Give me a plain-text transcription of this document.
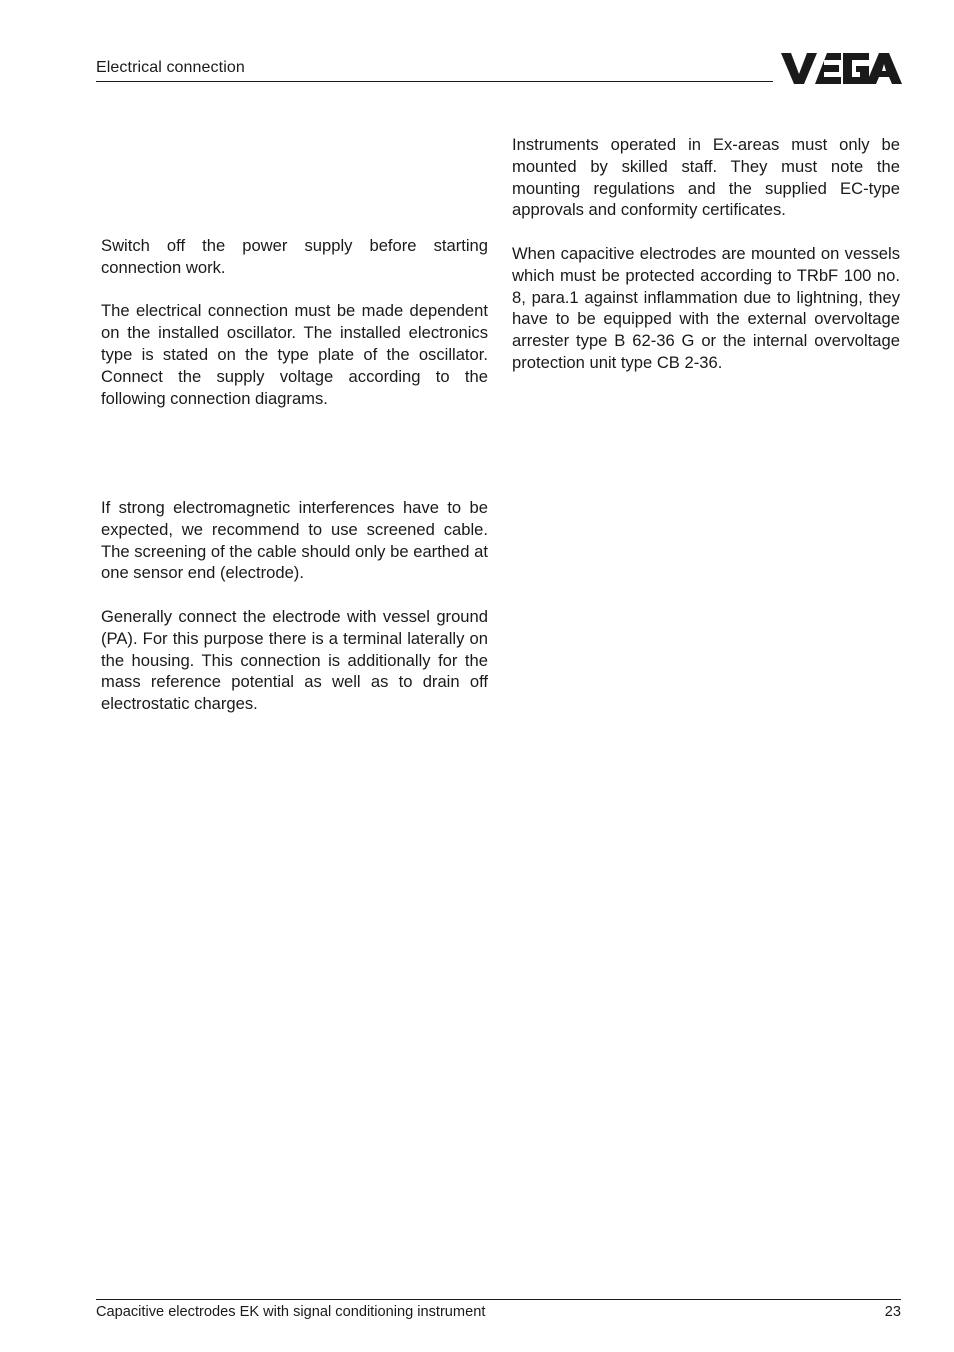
Electrical connection

Switch off the power supply before starting connection work.

The electrical connection must be made dependent on the installed oscillator. The installed electronics type is stated on the type plate of the oscillator. Connect the supply voltage according to the following connection diagrams.

If strong electromagnetic interferences have to be expected, we recommend to use screened cable. The screening of the cable should only be earthed at one sensor end (electrode).

Generally connect the electrode with vessel ground (PA). For this purpose there is a terminal laterally on the housing. This connection is additionally for the mass reference potential as well as to drain off electrostatic charges.

Instruments operated in Ex-areas must only be mounted by skilled staff. They must note the mounting regulations and the supplied EC-type approvals and conformity certificates.

When capacitive electrodes are mounted on vessels which must be protected according to TRbF 100 no. 8, para.1 against inflammation due to lightning, they have to be equipped with the external overvoltage arrester type B 62-36 G or the internal overvoltage protection unit type CB 2-36.

Capacitive electrodes EK with signal conditioning instrument	23
